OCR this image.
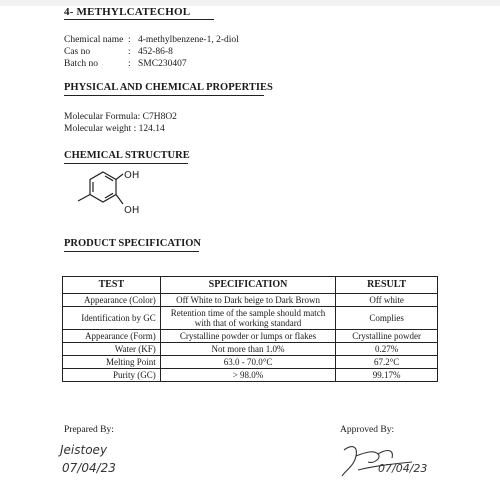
4- METHYLCATECHOL
Chemical name : 4-methylbenzene-1, 2-diol
Cas no	: 452-86-8
Batch no	: SMC230407
PHYSICAL AND CHEMICAL PROPERTIES
Molecular Formula: C7H8O2
Molecular weight : 124.14
CHEMICAL STRUCTURE
OH
OH
PRODUCT SPECIFICATION
TEST	SPECIFICATION	RESULT
Appearance (Color)	Off White to Dark beige to Dark Brown	Off white
Identification by GC	Retention time of the sample should match with that of working standard	Complies
Appearance (Form)	Crystalline powder or lumps or flakes	Crystalline powder
Water (KF)	Not more than 1.0%	0.27%
Melting Point	63.0 - 70.0°C	67.2°C
Purity (GC)	> 98.0%	99.17%
Prepared By:
Jeistoey
07/04/23
Approved By:
07/04/23
